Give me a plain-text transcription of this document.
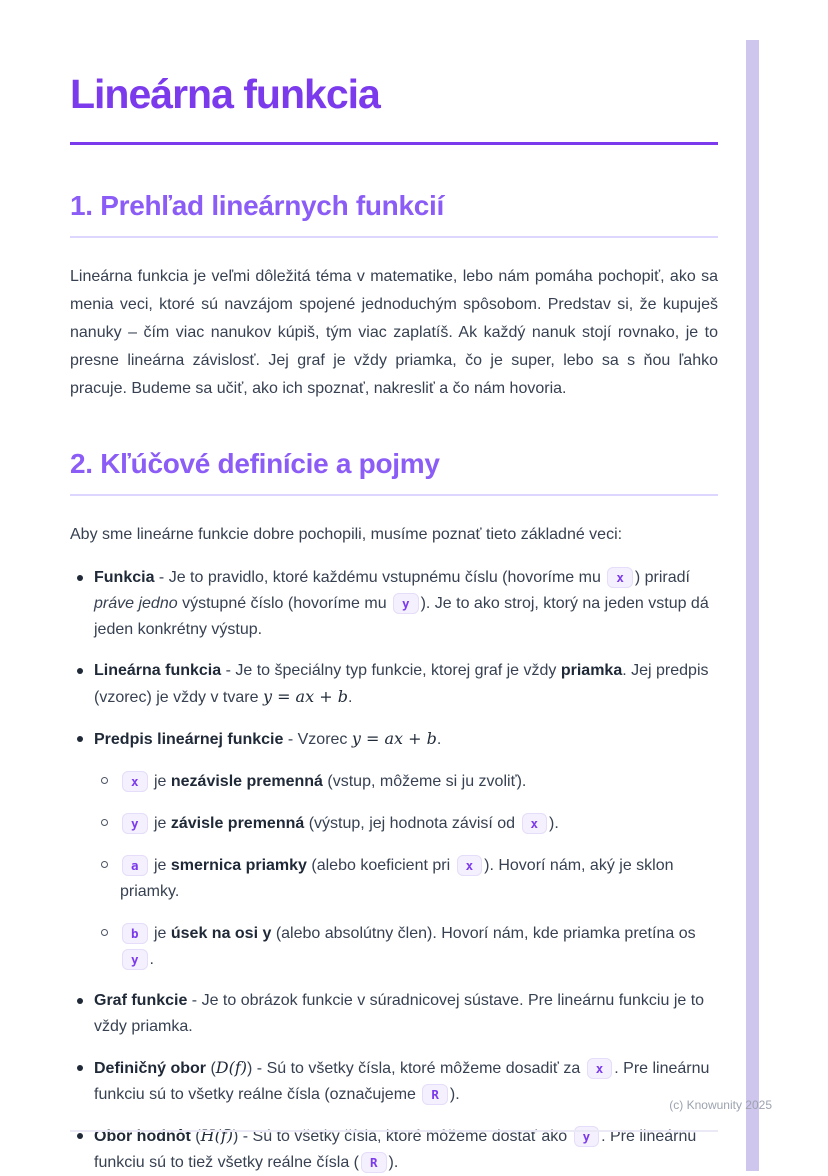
Lineárna funkcia
1. Prehľad lineárnych funkcií

Lineárna funkcia je veľmi dôležitá téma v matematike, lebo nám pomáha pochopiť, ako sa menia veci, ktoré sú navzájom spojené jednoduchým spôsobom. Predstav si, že kupuješ nanuky – čím viac nanukov kúpiš, tým viac zaplatíš. Ak každý nanuk stojí rovnako, je to presne lineárna závislosť. Jej graf je vždy priamka, čo je super, lebo sa s ňou ľahko pracuje. Budeme sa učiť, ako ich spoznať, nakresliť a čo nám hovoria.

2. Kľúčové definície a pojmy

Aby sme lineárne funkcie dobre pochopili, musíme poznať tieto základné veci:

Funkcia - Je to pravidlo, ktoré každému vstupnému číslu (hovoríme mu x ) priradí práve jedno výstupné číslo (hovoríme mu y ). Je to ako stroj, ktorý na jeden vstup dá jeden konkrétny výstup.
Lineárna funkcia - Je to špeciálny typ funkcie, ktorej graf je vždy priamka. Jej predpis (vzorec) je vždy v tvare y = ax + b.
Predpis lineárnej funkcie - Vzorec y = ax + b.
x je nezávisle premenná (vstup, môžeme si ju zvoliť).
y je závisle premenná (výstup, jej hodnota závisí od x ).
a je smernica priamky (alebo koeficient pri x ). Hovorí nám, aký je sklon priamky.
b je úsek na osi y (alebo absolútny člen). Hovorí nám, kde priamka pretína os y .
Graf funkcie - Je to obrázok funkcie v súradnicovej sústave. Pre lineárnu funkciu je to vždy priamka.
Definičný obor (D(f)) - Sú to všetky čísla, ktoré môžeme dosadiť za x . Pre lineárnu funkciu sú to všetky reálne čísla (označujeme R ).
Obor hodnôt (H(f)) - Sú to všetky čísla, ktoré môžeme dostať ako y . Pre lineárnu funkciu sú to tiež všetky reálne čísla ( R ).
(c) Knowunity 2025
